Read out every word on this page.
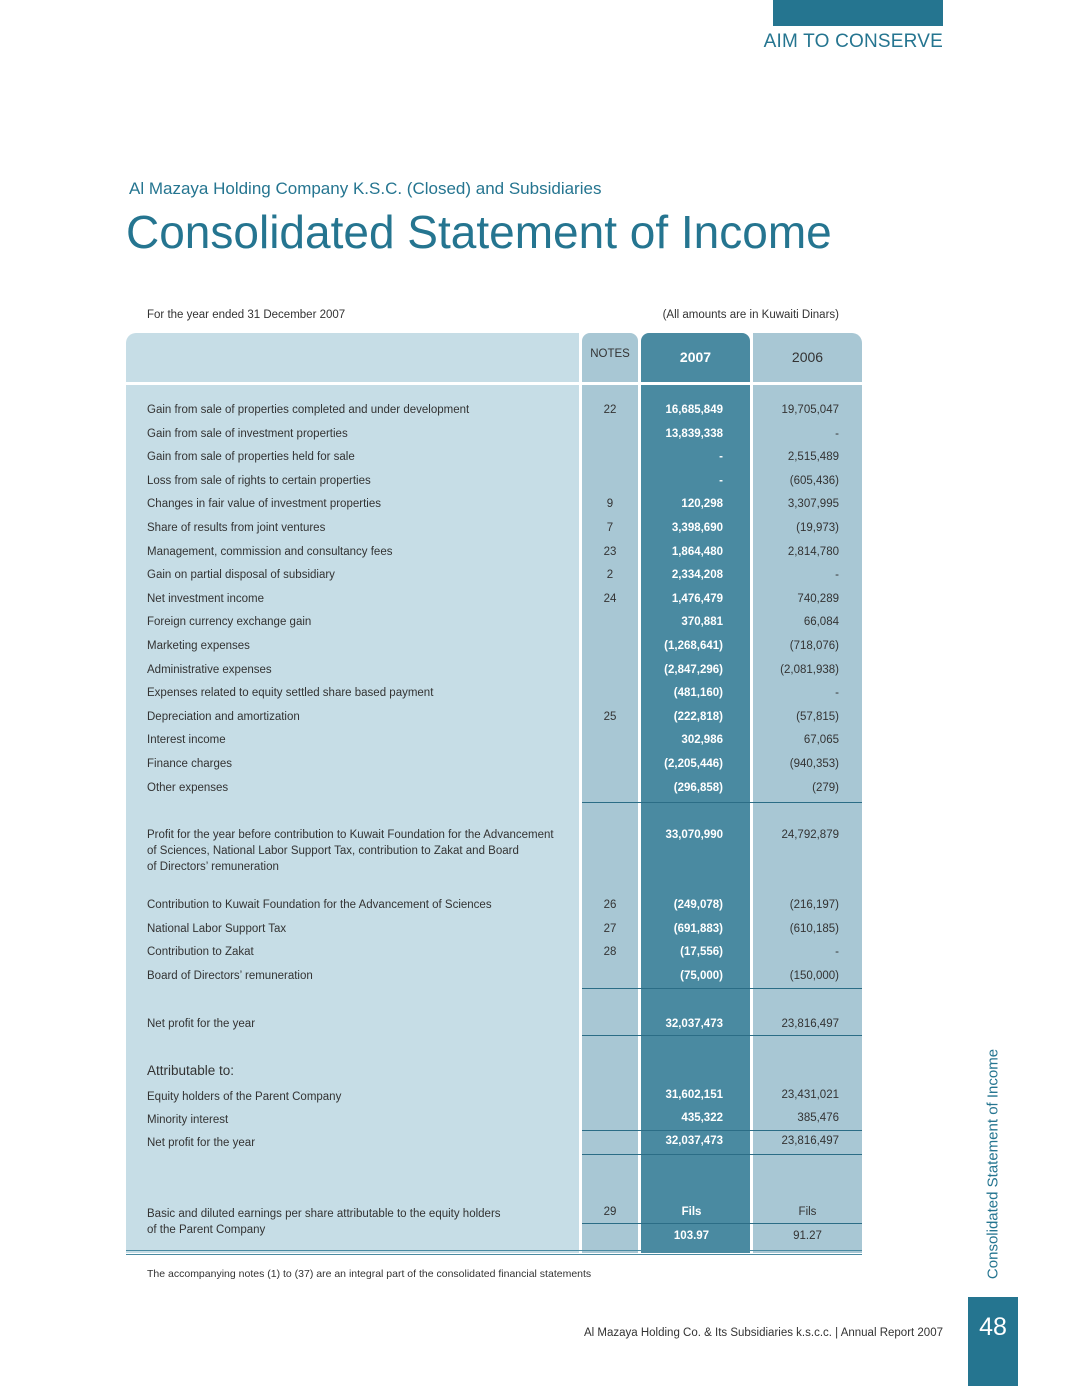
AIM TO CONSERVE
Al Mazaya Holding Company K.S.C. (Closed) and Subsidiaries
Consolidated Statement of Income
For the year ended 31 December 2007	(All amounts are in Kuwaiti Dinars)
NOTES	2007	2006
Gain from sale of properties completed and under development	22	16,685,849	19,705,047
Gain from sale of investment properties	13,839,338	-
Gain from sale of properties held for sale	-	2,515,489
Loss from sale of rights to certain properties	-	(605,436)
Changes in fair value of investment properties	9	120,298	3,307,995
Share of results from joint ventures	7	3,398,690	(19,973)
Management, commission and consultancy fees	23	1,864,480	2,814,780
Gain on partial disposal of subsidiary	2	2,334,208	-
Net investment income	24	1,476,479	740,289
Foreign currency exchange gain	370,881	66,084
Marketing expenses	(1,268,641)	(718,076)
Administrative expenses	(2,847,296)	(2,081,938)
Expenses related to equity settled share based payment	(481,160)	-
Depreciation and amortization	25	(222,818)	(57,815)
Interest income	302,986	67,065
Finance charges	(2,205,446)	(940,353)
Other expenses	(296,858)	(279)
Profit for the year before contribution to Kuwait Foundation for the Advancement
of Sciences, National Labor Support Tax, contribution to Zakat and Board
of Directors’ remuneration
33,070,990	24,792,879
Contribution to Kuwait Foundation for the Advancement of Sciences	26	(249,078)	(216,197)
National Labor Support Tax	27	(691,883)	(610,185)
Contribution to Zakat	28	(17,556)	-
Board of Directors’ remuneration	(75,000)	(150,000)
Net profit for the year	32,037,473	23,816,497
Attributable to:
Equity holders of the Parent Company	31,602,151	23,431,021
Minority interest	435,322	385,476
Net profit for the year	32,037,473	23,816,497
Basic and diluted earnings per share attributable to the equity holders
of the Parent Company
29	Fils	Fils
103.97	91.27
The accompanying notes (1) to (37) are an integral part of the consolidated financial statements
Al Mazaya Holding Co. & Its Subsidiaries k.s.c.c. | Annual Report 2007	48
Consolidated Statement of Income
